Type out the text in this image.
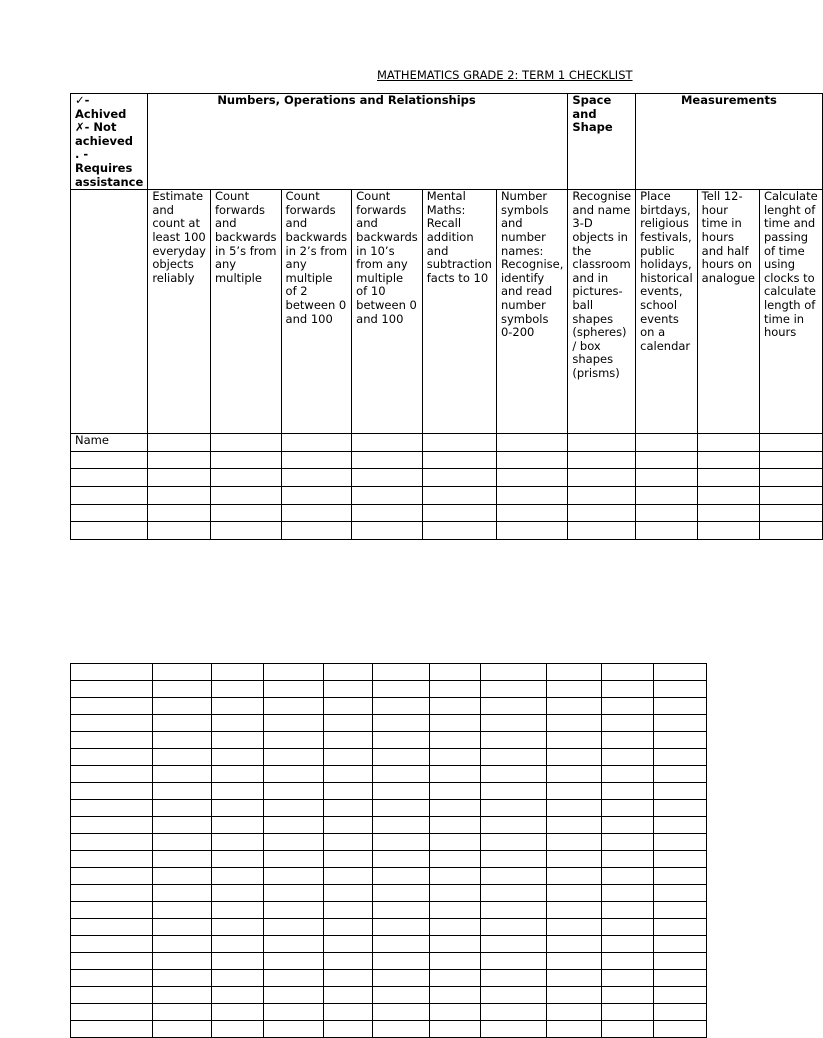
MATHEMATICS GRADE 2: TERM 1 CHECKLIST
✓- Achived
✗- Not achieved
. - Requires assistance	Numbers, Operations and Relationships						Space and Shape	Measurements		
	Estimate and count at least 100 everyday objects reliably	Count forwards and backwards in 5’s from any multiple	Count forwards and backwards in 2’s from any multiple of 2 between 0 and 100	Count forwards and backwards in 10’s from any multiple of 10 between 0 and 100	Mental Maths: Recall addition and subtraction facts to 10	Number symbols and number names: Recognise, identify and read number symbols 0-200	Recognise and name 3-D objects in the classroom and in pictures- ball shapes (spheres) / box shapes (prisms)	Place birtdays, religious festivals, public holidays, historical events, school events on a calendar	Tell 12-hour time in hours and half hours on analogue	Calculate lenght of time and passing of time using clocks to calculate length of time in hours
Name										
